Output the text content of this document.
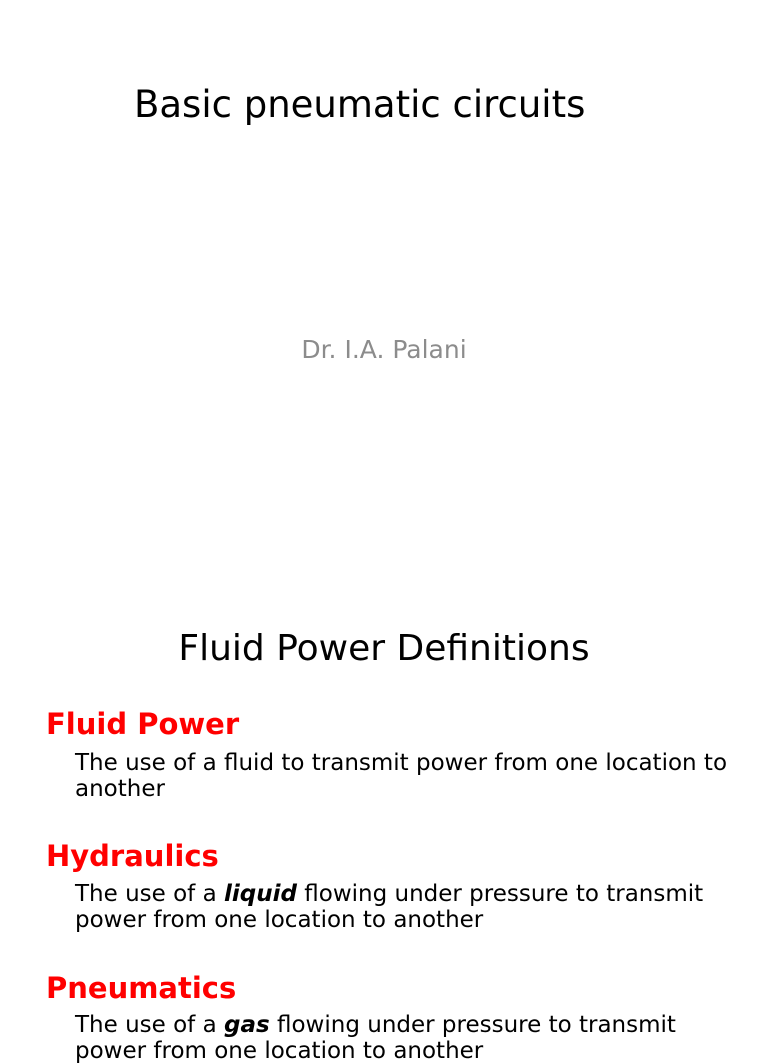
Basic pneumatic circuits

Dr. I.A. Palani

Fluid Power Definitions

Fluid Power

The use of a fluid to transmit power from one location to another

Hydraulics

The use of a liquid flowing under pressure to transmit power from one location to another

Pneumatics

The use of a gas flowing under pressure to transmit power from one location to another
